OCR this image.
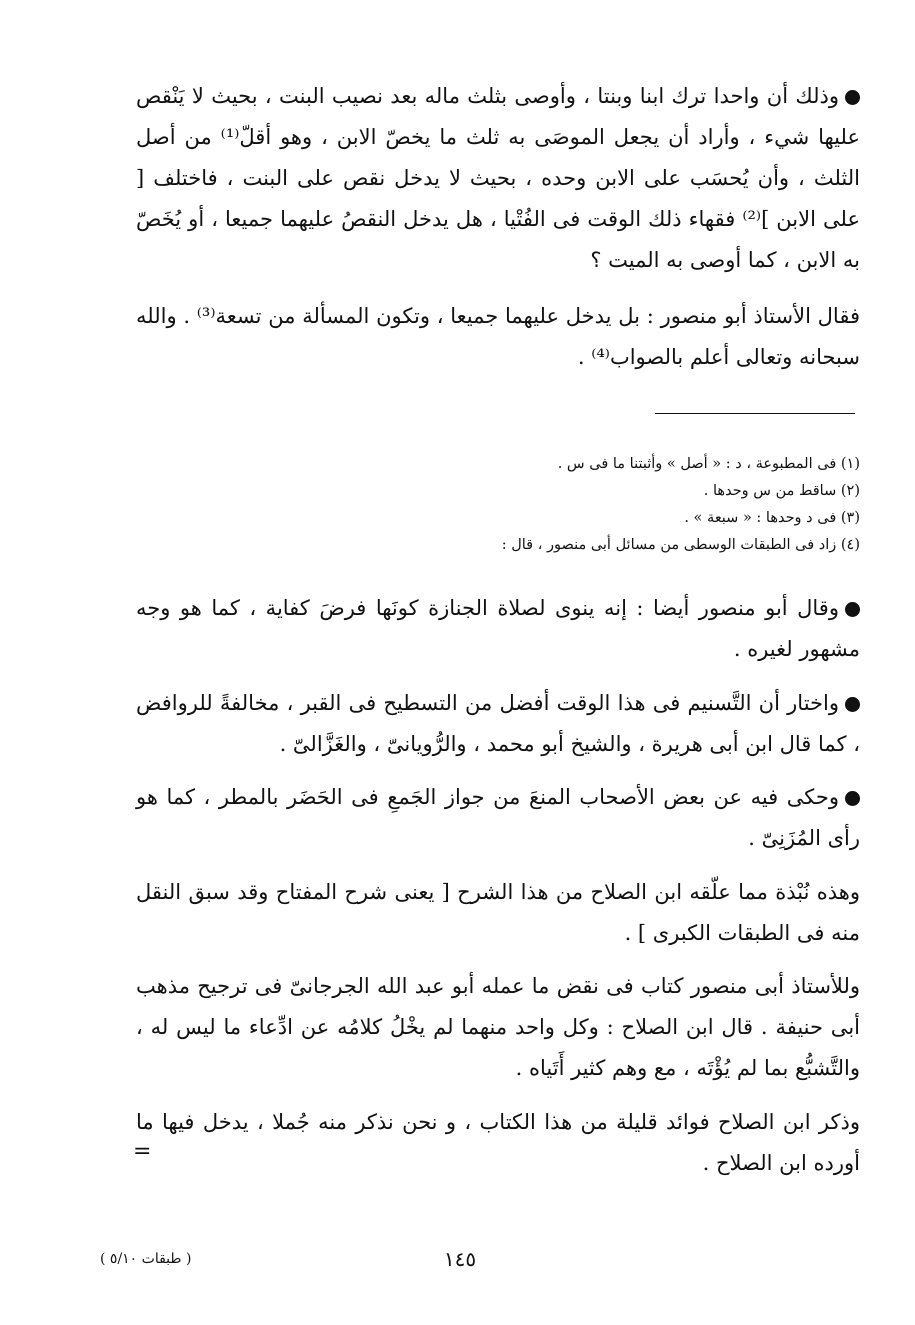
وذلك أن واحدا ترك ابنا وبنتا ، وأوصى بثلث ماله بعد نصيب البنت ، بحيث لا يَنْقص عليها شيء ، وأراد أن يجعل الموصَى به ثلث ما يخصّ الابن ، وهو أقلّ⁽¹⁾ من أصل الثلث ، وأن يُحسَب على الابن وحده ، بحيث لا يدخل نقص على البنت ، فاختلف [ على الابن ]⁽²⁾ فقهاء ذلك الوقت فى الفُتْيا ، هل يدخل النقصُ عليهما جميعا ، أو يُخَصّ به الابن ، كما أوصى به الميت ؟

فقال الأستاذ أبو منصور : بل يدخل عليهما جميعا ، وتكون المسألة من تسعة⁽³⁾ . والله سبحانه وتعالى أعلم بالصواب⁽⁴⁾ .

(١) فى المطبوعة ، د : « أصل » وأثبتنا ما فى س .

(٢) ساقط من س وحدها .

(٣) فى د وحدها : « سبعة » .

(٤) زاد فى الطبقات الوسطى من مسائل أبى منصور ، قال :

وقال أبو منصور أيضا : إنه ينوى لصلاة الجنازة كونَها فرضَ كفاية ، كما هو وجه مشهور لغيره .

واختار أن التَّسنيم فى هذا الوقت أفضل من التسطيح فى القبر ، مخالفةً للروافض ، كما قال ابن أبى هريرة ، والشيخ أبو محمد ، والرُّويانىّ ، والغَزَّالىّ .

وحكى فيه عن بعض الأصحاب المنعَ من جواز الجَمعِ فى الحَضَر بالمطر ، كما هو رأى المُزَنِىّ .

وهذه نُبْذة مما علّقه ابن الصلاح من هذا الشرح [ يعنى شرح المفتاح وقد سبق النقل منه فى الطبقات الكبرى ] .

وللأستاذ أبى منصور كتاب فى نقض ما عمله أبو عبد الله الجرجانىّ فى ترجيح مذهب أبى حنيفة . قال ابن الصلاح : وكل واحد منهما لم يخْلُ كلامُه عن ادِّعاء ما ليس له ، والتَّشبُّع بما لم يُؤْتَه ، مع وهم كثير أَتَياه .

وذكر ابن الصلاح فوائد قليلة من هذا الكتاب ، و نحن نذكر منه جُملا ، يدخل فيها ما أورده ابن الصلاح .

=
١٤٥
( طبقات ٥/١٠ )
